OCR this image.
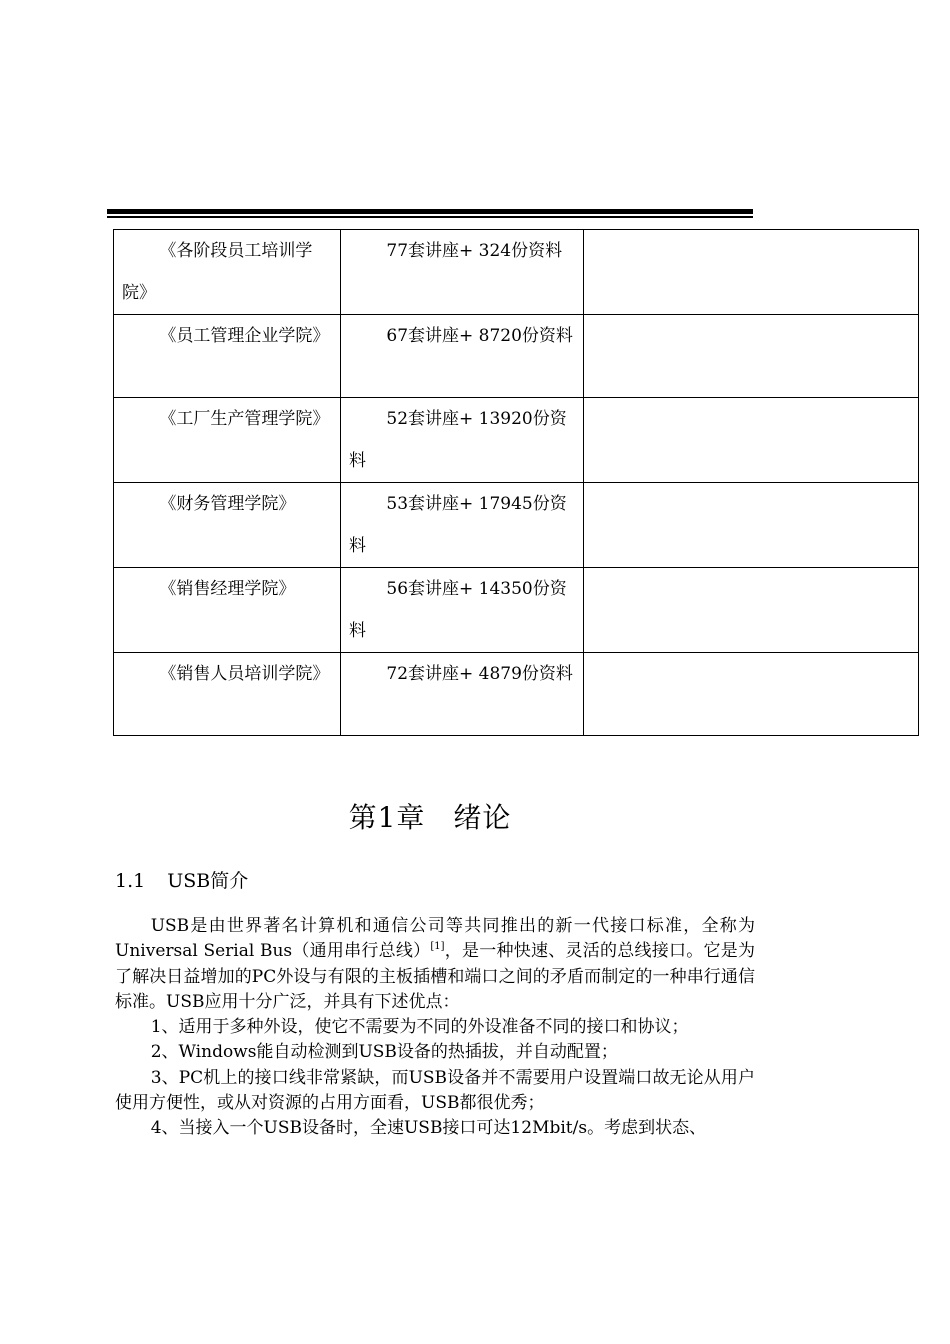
《各阶段员工培训学院》	77套讲座+ 324份资料	

《员工管理企业学院》	67套讲座+ 8720份资料	

《工厂生产管理学院》	52套讲座+ 13920份资料	

《财务管理学院》	53套讲座+ 17945份资料	

《销售经理学院》	56套讲座+ 14350份资料	

《销售人员培训学院》	72套讲座+ 4879份资料	

第1章 绪论
1.1 USB简介

USB是由世界著名计算机和通信公司等共同推出的新一代接口标准，全称为Universal Serial Bus（通用串行总线）[1]，是一种快速、灵活的总线接口。它是为了解决日益增加的PC外设与有限的主板插槽和端口之间的矛盾而制定的一种串行通信标准。USB应用十分广泛，并具有下述优点：

1、适用于多种外设，使它不需要为不同的外设准备不同的接口和协议；

2、Windows能自动检测到USB设备的热插拔，并自动配置；

3、PC机上的接口线非常紧缺，而USB设备并不需要用户设置端口故无论从用户使用方便性，或从对资源的占用方面看，USB都很优秀；

4、当接入一个USB设备时，全速USB接口可达12Mbit/s。考虑到状态、
